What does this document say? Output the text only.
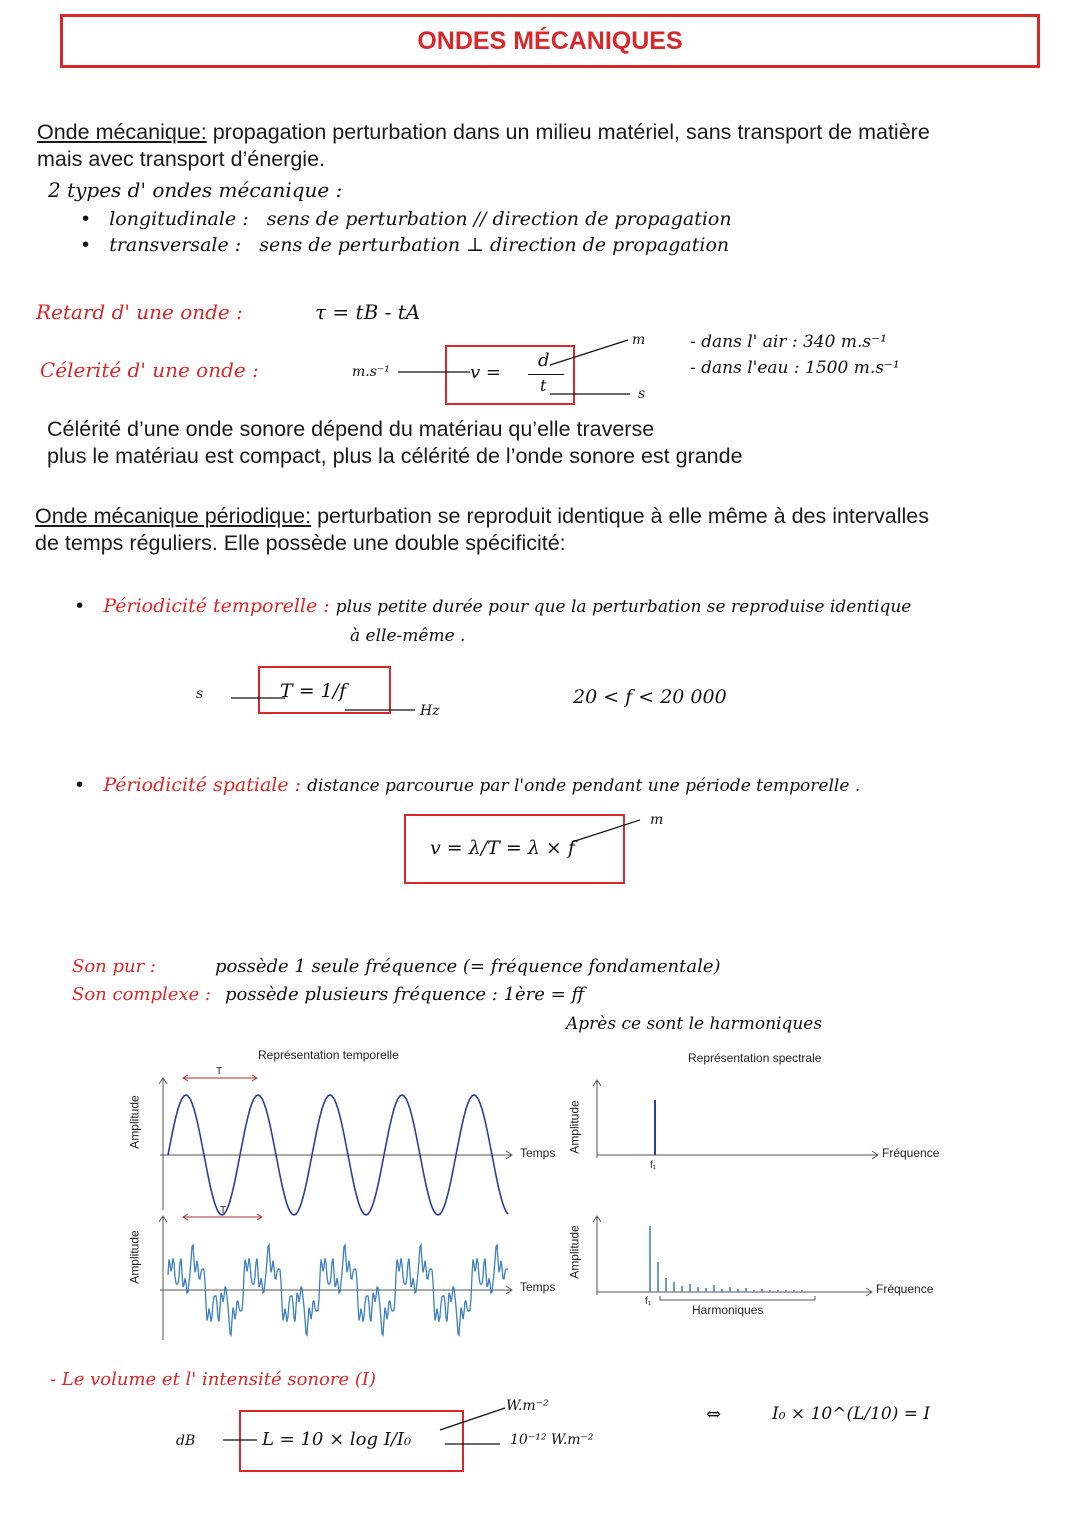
ONDES MÉCANIQUES
Onde mécanique: propagation perturbation dans un milieu matériel, sans transport de matière
mais avec transport d’énergie.
2 types d' ondes mécanique :
• longitudinale : sens de perturbation // direction de propagation
• transversale : sens de perturbation ⊥ direction de propagation
Retard d' une onde :	τ = tB - tA
Célerité d' une onde :	m.s⁻¹	v =
d
t
m
s
- dans l' air : 340 m.s⁻¹
- dans l'eau : 1500 m.s⁻¹
Célérité d’une onde sonore dépend du matériau qu’elle traverse
plus le matériau est compact, plus la célérité de l’onde sonore est grande
Onde mécanique périodique: perturbation se reproduit identique à elle même à des intervalles
de temps réguliers. Elle possède une double spécificité:
• Périodicité temporelle : plus petite durée pour que la perturbation se reproduise identique
à elle-même .
s	T = 1/f
Hz
20 < f < 20 000
• Périodicité spatiale : distance parcourue par l'onde pendant une période temporelle .
v = λ/T = λ × f
m
Son pur :	possède 1 seule fréquence (= fréquence fondamentale)
Son complexe : possède plusieurs fréquence : 1ère = ff
Après ce sont le harmoniques
Représentation temporelle	Représentation spectrale
T
T
Amplitude
Amplitude
Amplitude
Amplitude
Temps
Temps
Fréquence
Fréquence
f₁
f₁
Harmoniques
- Le volume et l' intensité sonore (I)
dB	L = 10 × log I/I₀
W.m⁻²
10⁻¹² W.m⁻²
⇔	I₀ × 10^(L/10) = I
